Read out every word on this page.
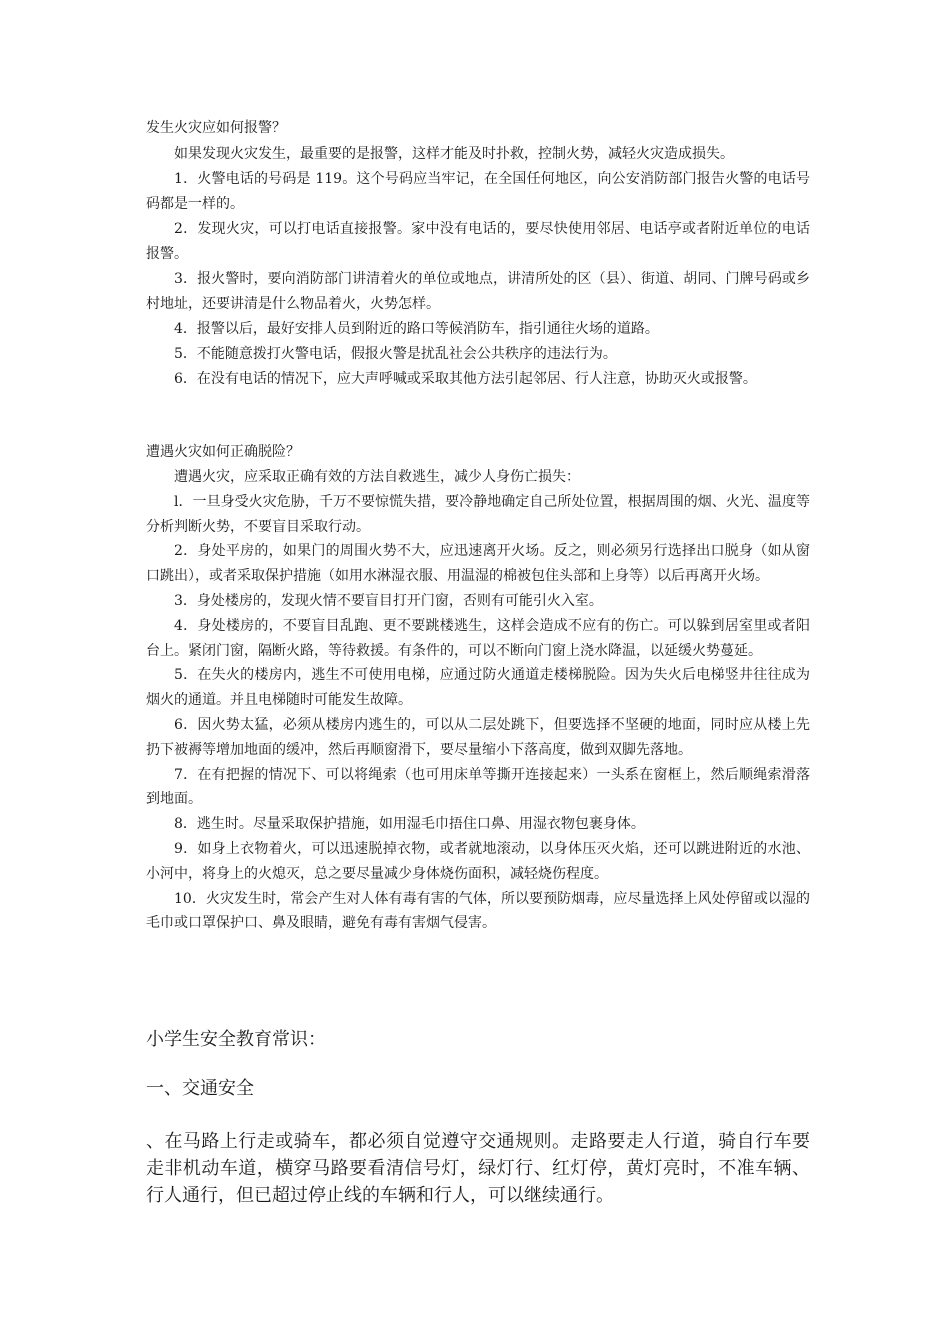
发生火灾应如何报警？

如果发现火灾发生，最重要的是报警，这样才能及时扑救，控制火势，减轻火灾造成损失。

1．火警电话的号码是 119。这个号码应当牢记，在全国任何地区，向公安消防部门报告火警的电话号码都是一样的。

2．发现火灾，可以打电话直接报警。家中没有电话的，要尽快使用邻居、电话亭或者附近单位的电话报警。

3．报火警时，要向消防部门讲清着火的单位或地点，讲清所处的区（县）、街道、胡同、门牌号码或乡村地址，还要讲清是什么物品着火，火势怎样。

4．报警以后，最好安排人员到附近的路口等候消防车，指引通往火场的道路。

5．不能随意拨打火警电话，假报火警是扰乱社会公共秩序的违法行为。

6．在没有电话的情况下，应大声呼喊或采取其他方法引起邻居、行人注意，协助灭火或报警。

遭遇火灾如何正确脱险？

遭遇火灾，应采取正确有效的方法自救逃生，减少人身伤亡损失：

l．一旦身受火灾危胁，千万不要惊慌失措，要冷静地确定自己所处位置，根据周围的烟、火光、温度等分析判断火势，不要盲目采取行动。

2．身处平房的，如果门的周围火势不大，应迅速离开火场。反之，则必须另行选择出口脱身（如从窗口跳出），或者采取保护措施（如用水淋湿衣服、用温湿的棉被包住头部和上身等）以后再离开火场。

3．身处楼房的，发现火情不要盲目打开门窗，否则有可能引火入室。

4．身处楼房的，不要盲目乱跑、更不要跳楼逃生，这样会造成不应有的伤亡。可以躲到居室里或者阳台上。紧闭门窗，隔断火路，等待救援。有条件的，可以不断向门窗上浇水降温，以延缓火势蔓延。

5．在失火的楼房内，逃生不可使用电梯，应通过防火通道走楼梯脱险。因为失火后电梯竖井往往成为烟火的通道。并且电梯随时可能发生故障。

6．因火势太猛，必须从楼房内逃生的，可以从二层处跳下，但要选择不坚硬的地面，同时应从楼上先扔下被褥等增加地面的缓冲，然后再顺窗滑下，要尽量缩小下落高度，做到双脚先落地。

7．在有把握的情况下、可以将绳索（也可用床单等撕开连接起来）一头系在窗框上，然后顺绳索滑落到地面。

8．逃生时。尽量采取保护措施，如用湿毛巾捂住口鼻、用湿衣物包裹身体。

9．如身上衣物着火，可以迅速脱掉衣物，或者就地滚动，以身体压灭火焰，还可以跳进附近的水池、小河中，将身上的火熄灭，总之要尽量减少身体烧伤面积，减轻烧伤程度。

10．火灾发生时，常会产生对人体有毒有害的气体，所以要预防烟毒，应尽量选择上风处停留或以湿的毛巾或口罩保护口、鼻及眼睛，避免有毒有害烟气侵害。

小学生安全教育常识：
一、交通安全

、在马路上行走或骑车，都必须自觉遵守交通规则。走路要走人行道，骑自行车要走非机动车道，横穿马路要看清信号灯，绿灯行、红灯停，黄灯亮时，不准车辆、行人通行，但已超过停止线的车辆和行人，可以继续通行。
